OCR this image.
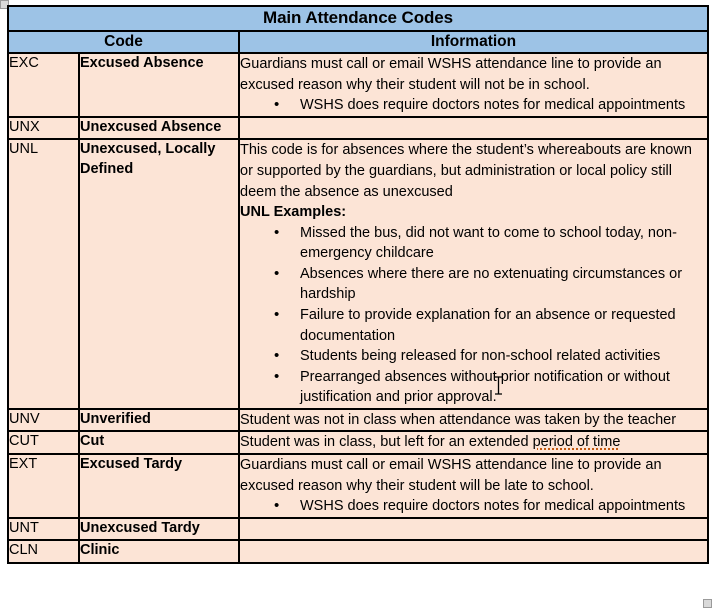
Main Attendance Codes		
Code		Information
EXC	Excused Absence	Guardians must call or email WSHS attendance line to provide an excused reason why their student will not be in school.

• WSHS does require doctors notes for medical appointments

UNX	Unexcused Absence	
UNL	Unexcused, Locally Defined	

This code is for absences where the student’s whereabouts are known or supported by the guardians, but administration or local policy still deem the absence as unexcused

UNL Examples:

• Missed the bus, did not want to come to school today, non-emergency childcare
• Absences where there are no extenuating circumstances or hardship
• Failure to provide explanation for an absence or requested documentation
• Students being released for non-school related activities
• Prearranged absences without prior notification or without justification and prior approval.

UNV	Unverified	Student was not in class when attendance was taken by the teacher

CUT	Cut	Student was in class, but left for an extended period of time

EXT	Excused Tardy	Guardians must call or email WSHS attendance line to provide an excused reason why their student will be late to school.

• WSHS does require doctors notes for medical appointments

UNT	Unexcused Tardy	
CLN	Clinic	
